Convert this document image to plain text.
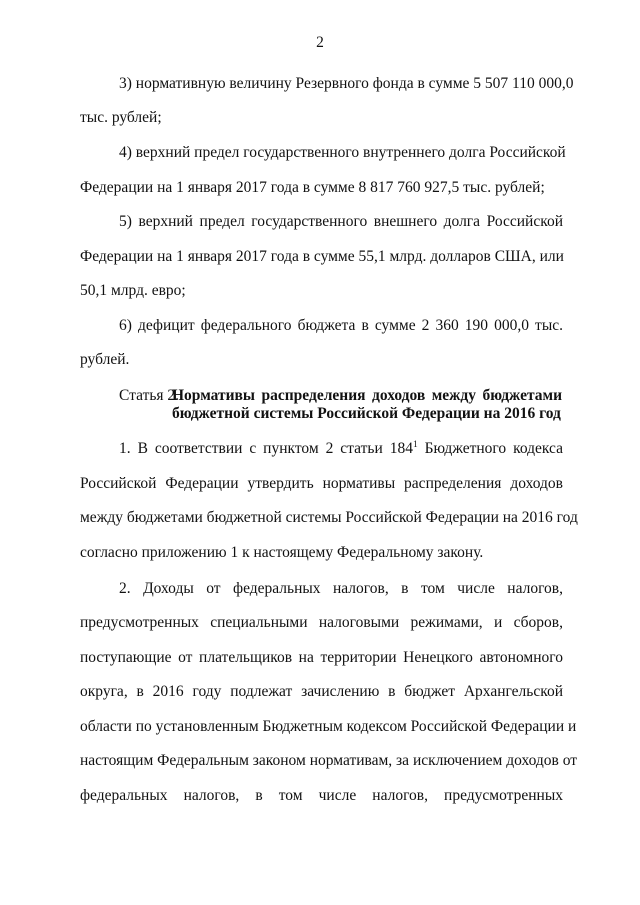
2
3) нормативную величину Резервного фонда в сумме 5 507 110 000,0
тыс. рублей;
4) верхний предел государственного внутреннего долга Российской
Федерации на 1 января 2017 года в сумме 8 817 760 927,5 тыс. рублей;
5) верхний предел государственного внешнего долга Российской
Федерации на 1 января 2017 года в сумме 55,1 млрд. долларов США, или
50,1 млрд. евро;
6) дефицит федерального бюджета в сумме 2 360 190 000,0 тыс.
рублей.
Статья 2.
Нормативы распределения доходов между бюджетами
бюджетной системы Российской Федерации на 2016 год
1. В соответствии с пунктом 2 статьи $184^1$ Бюджетного кодекса
Российской Федерации утвердить нормативы распределения доходов
между бюджетами бюджетной системы Российской Федерации на 2016 год
согласно приложению 1 к настоящему Федеральному закону.
2. Доходы от федеральных налогов, в том числе налогов,
предусмотренных специальными налоговыми режимами, и сборов,
поступающие от плательщиков на территории Ненецкого автономного
округа, в 2016 году подлежат зачислению в бюджет Архангельской
области по установленным Бюджетным кодексом Российской Федерации и
настоящим Федеральным законом нормативам, за исключением доходов от
федеральных налогов, в том числе налогов, предусмотренных
